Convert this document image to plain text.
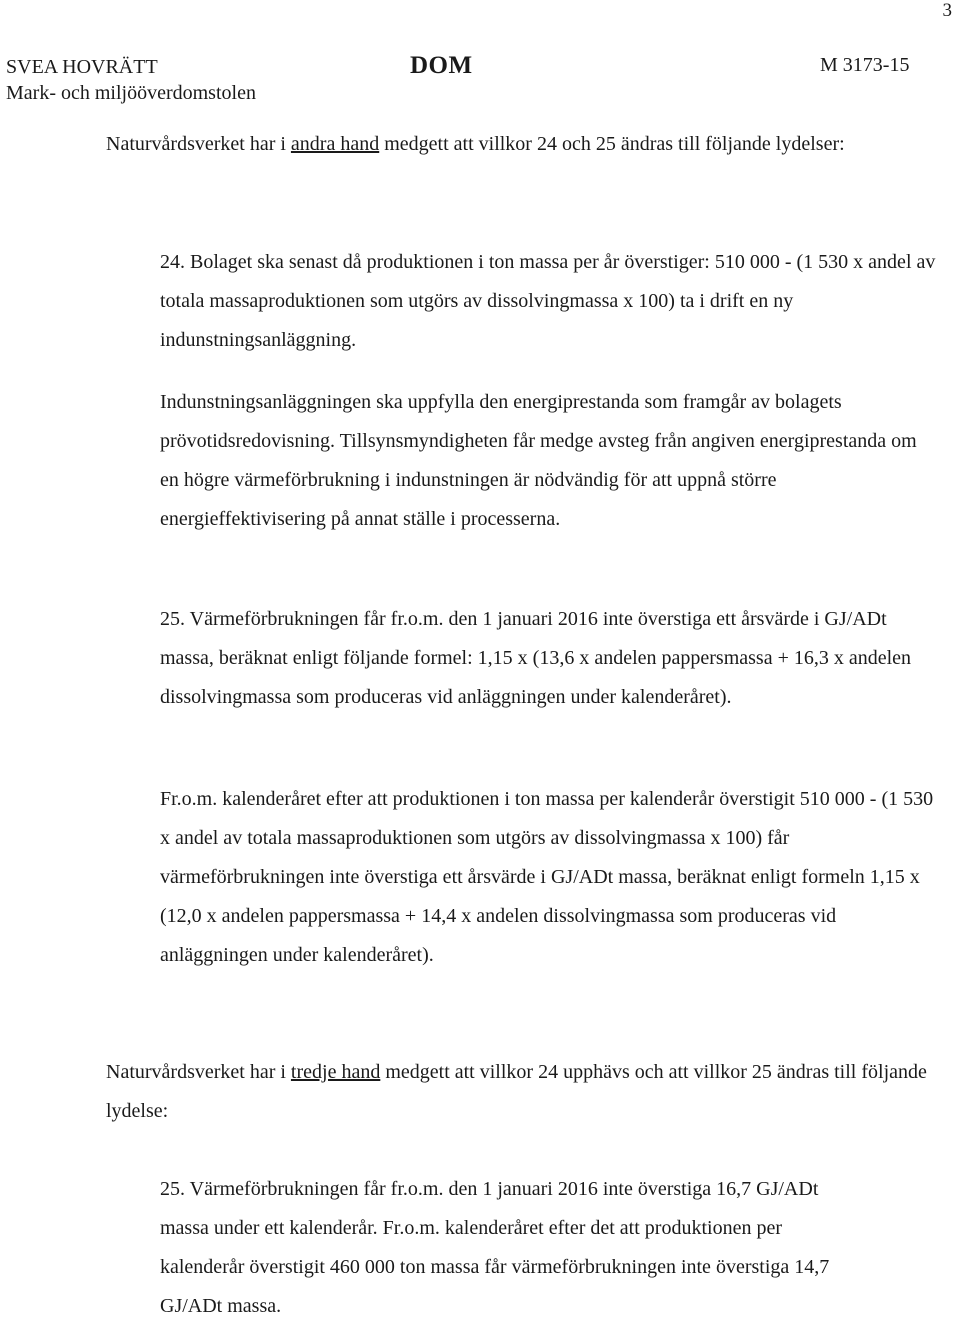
3
SVEA HOVRÄTT
Mark- och miljööverdomstolen
DOM	M 3173-15

Naturvårdsverket har i andra hand medgett att villkor 24 och 25 ändras till följande lydelser:

24. Bolaget ska senast då produktionen i ton massa per år överstiger: 510 000 - (1 530 x andel av totala massaproduktionen som utgörs av dissolvingmassa x 100) ta i drift en ny indunstningsanläggning.

Indunstningsanläggningen ska uppfylla den energiprestanda som framgår av bolagets prövotidsredovisning. Tillsynsmyndigheten får medge avsteg från angiven energiprestanda om en högre värmeförbrukning i indunstningen är nödvändig för att uppnå större energieffektivisering på annat ställe i processerna.

25. Värmeförbrukningen får fr.o.m. den 1 januari 2016 inte överstiga ett årsvärde i GJ/ADt massa, beräknat enligt följande formel: 1,15 x (13,6 x andelen pappersmassa + 16,3 x andelen dissolvingmassa som produceras vid anläggningen under kalenderåret).

Fr.o.m. kalenderåret efter att produktionen i ton massa per kalenderår överstigit 510 000 - (1 530 x andel av totala massaproduktionen som utgörs av dissolvingmassa x 100) får värmeförbrukningen inte överstiga ett årsvärde i GJ/ADt massa, beräknat enligt formeln 1,15 x (12,0 x andelen pappersmassa + 14,4 x andelen dissolvingmassa som produceras vid anläggningen under kalenderåret).

Naturvårdsverket har i tredje hand medgett att villkor 24 upphävs och att villkor 25 ändras till följande lydelse:

25. Värmeförbrukningen får fr.o.m. den 1 januari 2016 inte överstiga 16,7 GJ/ADt massa under ett kalenderår. Fr.o.m. kalenderåret efter det att produktionen per kalenderår överstigit 460 000 ton massa får värmeförbrukningen inte överstiga 14,7 GJ/ADt massa.
